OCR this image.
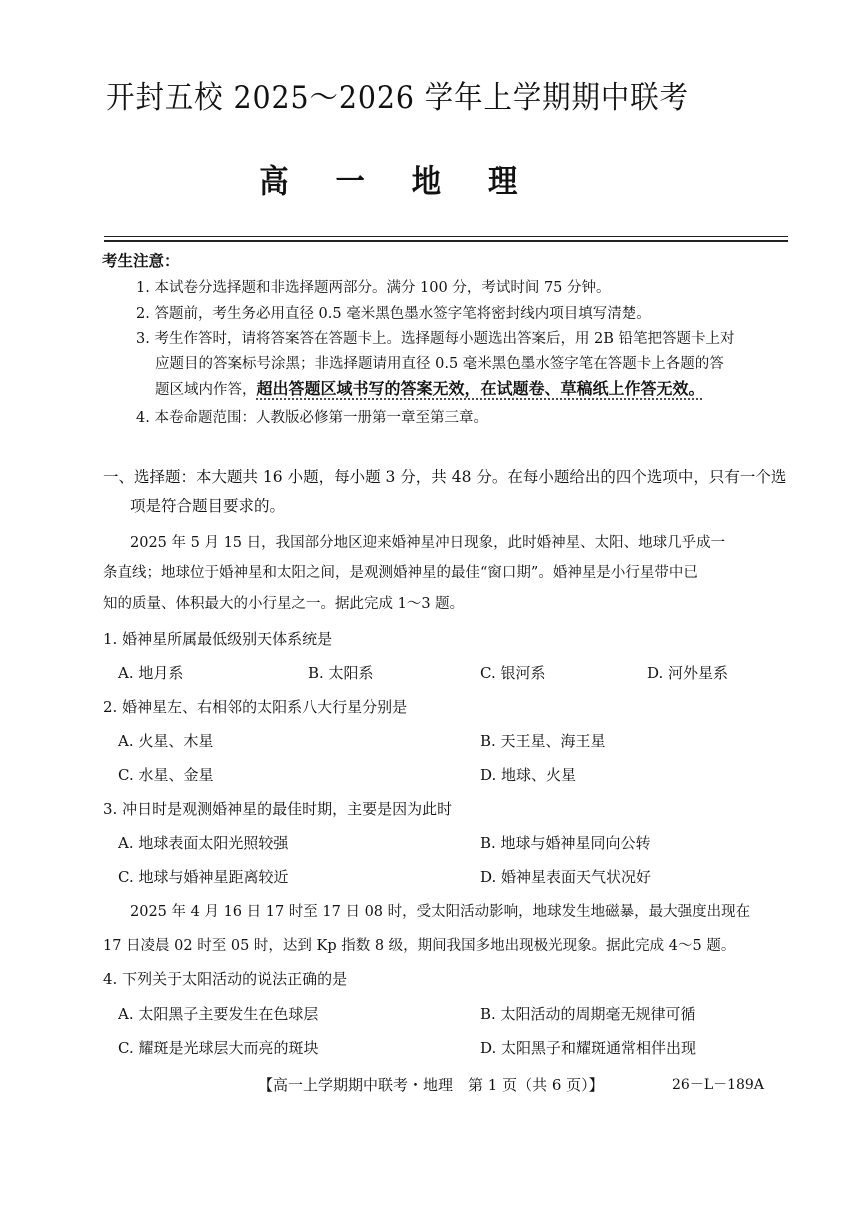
开封五校 2025～2026 学年上学期期中联考
高 一 地 理
考生注意：
1. 本试卷分选择题和非选择题两部分。满分 100 分，考试时间 75 分钟。
2. 答题前，考生务必用直径 0.5 毫米黑色墨水签字笔将密封线内项目填写清楚。
3. 考生作答时，请将答案答在答题卡上。选择题每小题选出答案后，用 2B 铅笔把答题卡上对
应题目的答案标号涂黑；非选择题请用直径 0.5 毫米黑色墨水签字笔在答题卡上各题的答
题区域内作答，超出答题区域书写的答案无效，在试题卷、草稿纸上作答无效。
4. 本卷命题范围：人教版必修第一册第一章至第三章。
一、选择题：本大题共 16 小题，每小题 3 分，共 48 分。在每小题给出的四个选项中，只有一个选
项是符合题目要求的。
2025 年 5 月 15 日，我国部分地区迎来婚神星冲日现象，此时婚神星、太阳、地球几乎成一
条直线；地球位于婚神星和太阳之间，是观测婚神星的最佳“窗口期”。婚神星是小行星带中已
知的质量、体积最大的小行星之一。据此完成 1～3 题。
1. 婚神星所属最低级别天体系统是
A. 地月系	B. 太阳系	C. 银河系	D. 河外星系
2. 婚神星左、右相邻的太阳系八大行星分别是
A. 火星、木星	B. 天王星、海王星
C. 水星、金星	D. 地球、火星
3. 冲日时是观测婚神星的最佳时期，主要是因为此时
A. 地球表面太阳光照较强	B. 地球与婚神星同向公转
C. 地球与婚神星距离较近	D. 婚神星表面天气状况好
2025 年 4 月 16 日 17 时至 17 日 08 时，受太阳活动影响，地球发生地磁暴，最大强度出现在
17 日凌晨 02 时至 05 时，达到 Kp 指数 8 级，期间我国多地出现极光现象。据此完成 4～5 题。
4. 下列关于太阳活动的说法正确的是
A. 太阳黑子主要发生在色球层	B. 太阳活动的周期毫无规律可循
C. 耀斑是光球层大而亮的斑块	D. 太阳黑子和耀斑通常相伴出现
【高一上学期期中联考・地理　第 1 页（共 6 页）】	26－L－189A
